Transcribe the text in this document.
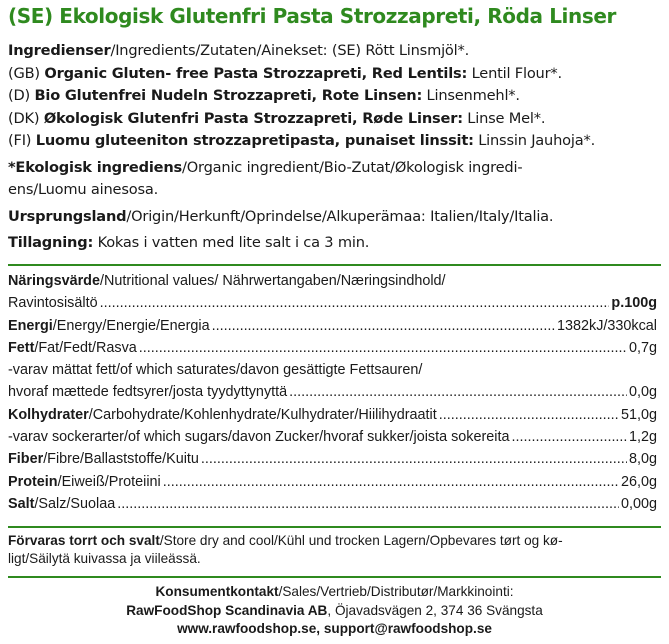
(SE) Ekologisk Glutenfri Pasta Strozzapreti, Röda Linser
Ingredienser/Ingredients/Zutaten/Ainekset: (SE) Rött Linsmjöl*.
(GB) Organic Gluten- free Pasta Strozzapreti, Red Lentils: Lentil Flour*.
(D) Bio Glutenfrei Nudeln Strozzapreti, Rote Linsen: Linsenmehl*.
(DK) Økologisk Glutenfri Pasta Strozzapreti, Røde Linser: Linse Mel*.
(FI) Luomu gluteeniton strozzapretipasta, punaiset linssit: Linssin Jauhoja*.
*Ekologisk ingrediens/Organic ingredient/Bio-Zutat/Økologisk ingredi-
ens/Luomu ainesosa.
Ursprungsland/Origin/Herkunft/Oprindelse/Alkuperämaa: Italien/Italy/Italia.
Tillagning: Kokas i vatten med lite salt i ca 3 min.
Näringsvärde/Nutritional values/ Nährwertangaben/Næringsindhold/
Ravintosisältö .....	p.100g
Energi/Energy/Energie/Energia .....	1382kJ/330kcal
Fett/Fat/Fedt/Rasva .....	0,7g
-varav mättat fett/of which saturates/davon gesättigte Fettsauren/
hvoraf mættede fedtsyrer/josta tyydyttynyttä .....	0,0g
Kolhydrater/Carbohydrate/Kohlenhydrate/Kulhydrater/Hiilihydraatit .....	51,0g
-varav sockerarter/of which sugars/davon Zucker/hvoraf sukker/joista sokereita .....	1,2g
Fiber/Fibre/Ballaststoffe/Kuitu .....	8,0g
Protein/Eiweiß/Proteiini .....	26,0g
Salt/Salz/Suolaa .....	0,00g
Förvaras torrt och svalt/Store dry and cool/Kühl und trocken Lagern/Opbevares tørt og kø-
ligt/Säilytä kuivassa ja viileässä.
Konsumentkontakt/Sales/Vertrieb/Distributør/Markkinointi:
RawFoodShop Scandinavia AB, Öjavadsvägen 2, 374 36 Svängsta
www.rawfoodshop.se, support@rawfoodshop.se
